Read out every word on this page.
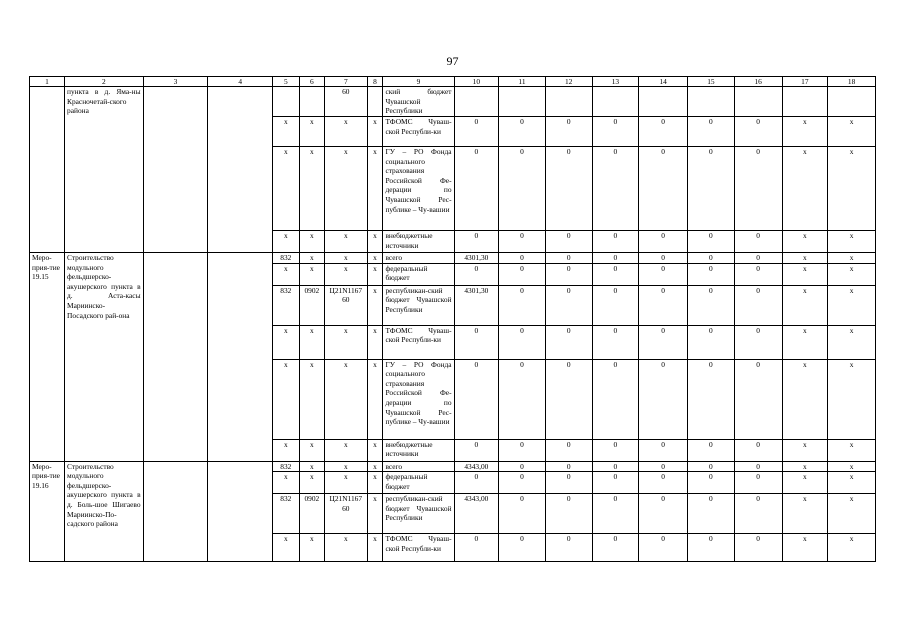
97
1	2	3	4	5	6	7	8	9	10	11	12	13	14	15	16	17	18
	пункта в д. Яма-ны Красночетай-ского района					60		ский бюджет Чувашской Республики									
				x	x	x	x	ТФОМС Чуваш-ской Республи-ки	0	0	0	0	0	0	0	x	x
				x	x	x	x	ГУ – РО Фонда социального страхования Российской Фе-дерации по Чувашской Рес-публике – Чу-вашии	0	0	0	0	0	0	0	x	x
				x	x	x	x	внебюджетные источники	0	0	0	0	0	0	0	x	x
Меро-прия-тие 19.15	Строительство модульного фельдшерско-акушерского пункта в д. Аста-касы Мариинско-Посадского рай-она			832	x	x	x	всего	4301,30	0	0	0	0	0	0	x	x
				x	x	x	x	федеральный бюджет	0	0	0	0	0	0	0	x	x
				832	0902	Ц21N1167 60	x	республикан-ский бюджет Чувашской Республики	4301,30	0	0	0	0	0	0	x	x
				x	x	x	x	ТФОМС Чуваш-ской Республи-ки	0	0	0	0	0	0	0	x	x
				x	x	x	x	ГУ – РО Фонда социального страхования Российской Фе-дерации по Чувашской Рес-публике – Чу-вашии	0	0	0	0	0	0	0	x	x
				x	x	x	x	внебюджетные источники	0	0	0	0	0	0	0	x	x
Меро-прия-тие 19.16	Строительство модульного фельдшерско-акушерского пункта в д. Боль-шое Шигаево Мариинско-По-садского района			832	x	x	x	всего	4343,00	0	0	0	0	0	0	x	x
				x	x	x	x	федеральный бюджет	0	0	0	0	0	0	0	x	x
				832	0902	Ц21N1167 60	x	республикан-ский бюджет Чувашской Республики	4343,00	0	0	0	0	0	0	x	x
				x	x	x	x	ТФОМС Чуваш-ской Республи-ки	0	0	0	0	0	0	0	x	x
